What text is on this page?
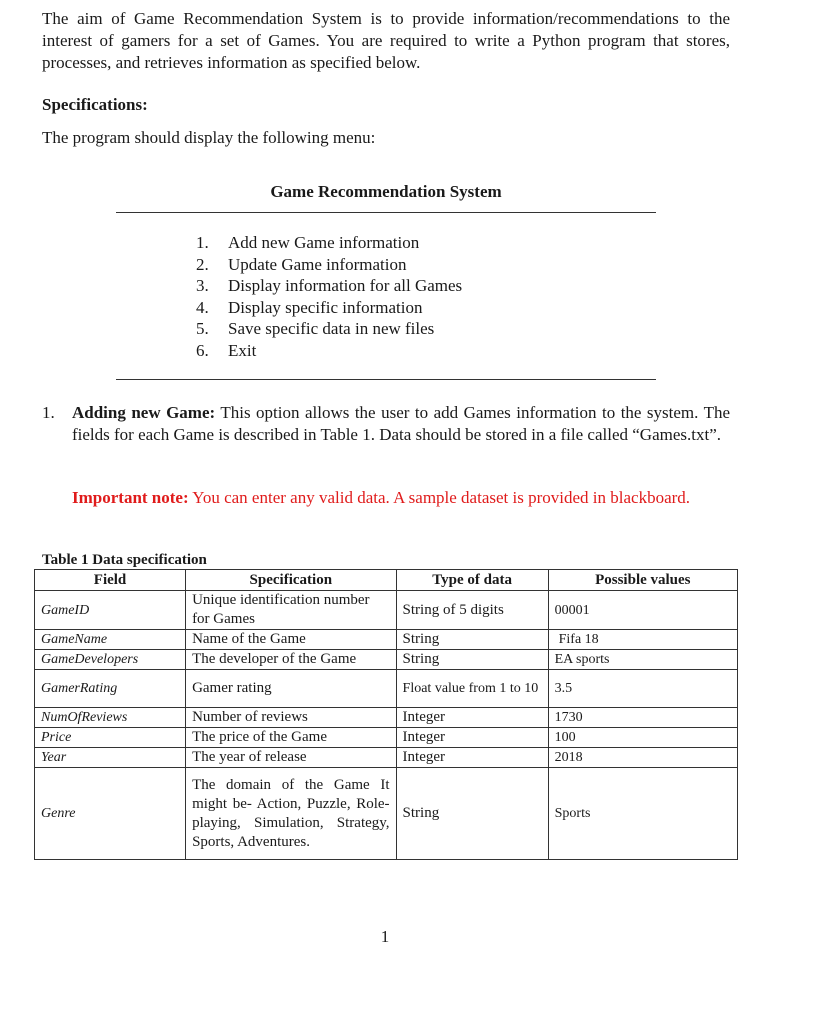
The aim of Game Recommendation System is to provide information/recommendations to the interest of gamers for a set of Games. You are required to write a Python program that stores, processes, and retrieves information as specified below.

Specifications:

The program should display the following menu:

Game Recommendation System

1.	Add new Game information
2.	Update Game information
3.	Display information for all Games
4.	Display specific information
5.	Save specific data in new files
6.	Exit
1.	Adding new Game: This option allows the user to add Games information to the system. The fields for each Game is described in Table 1. Data should be stored in a file called “Games.txt”.

Important note: You can enter any valid data. A sample dataset is provided in blackboard.

Table 1 Data specification

Field	Specification	Type of data	Possible values
GameID	Unique identification number for Games	String of 5 digits	00001
GameName	Name of the Game	String	Fifa 18
GameDevelopers	The developer of the Game	String	EA sports
GamerRating	Gamer rating	Float value from 1 to 10	3.5
NumOfReviews	Number of reviews	Integer	1730
Price	The price of the Game	Integer	100
Year	The year of release	Integer	2018
Genre	The domain of the Game It might be- Action, Puzzle, Role-playing, Simulation, Strategy, Sports, Adventures.	String	Sports

1
